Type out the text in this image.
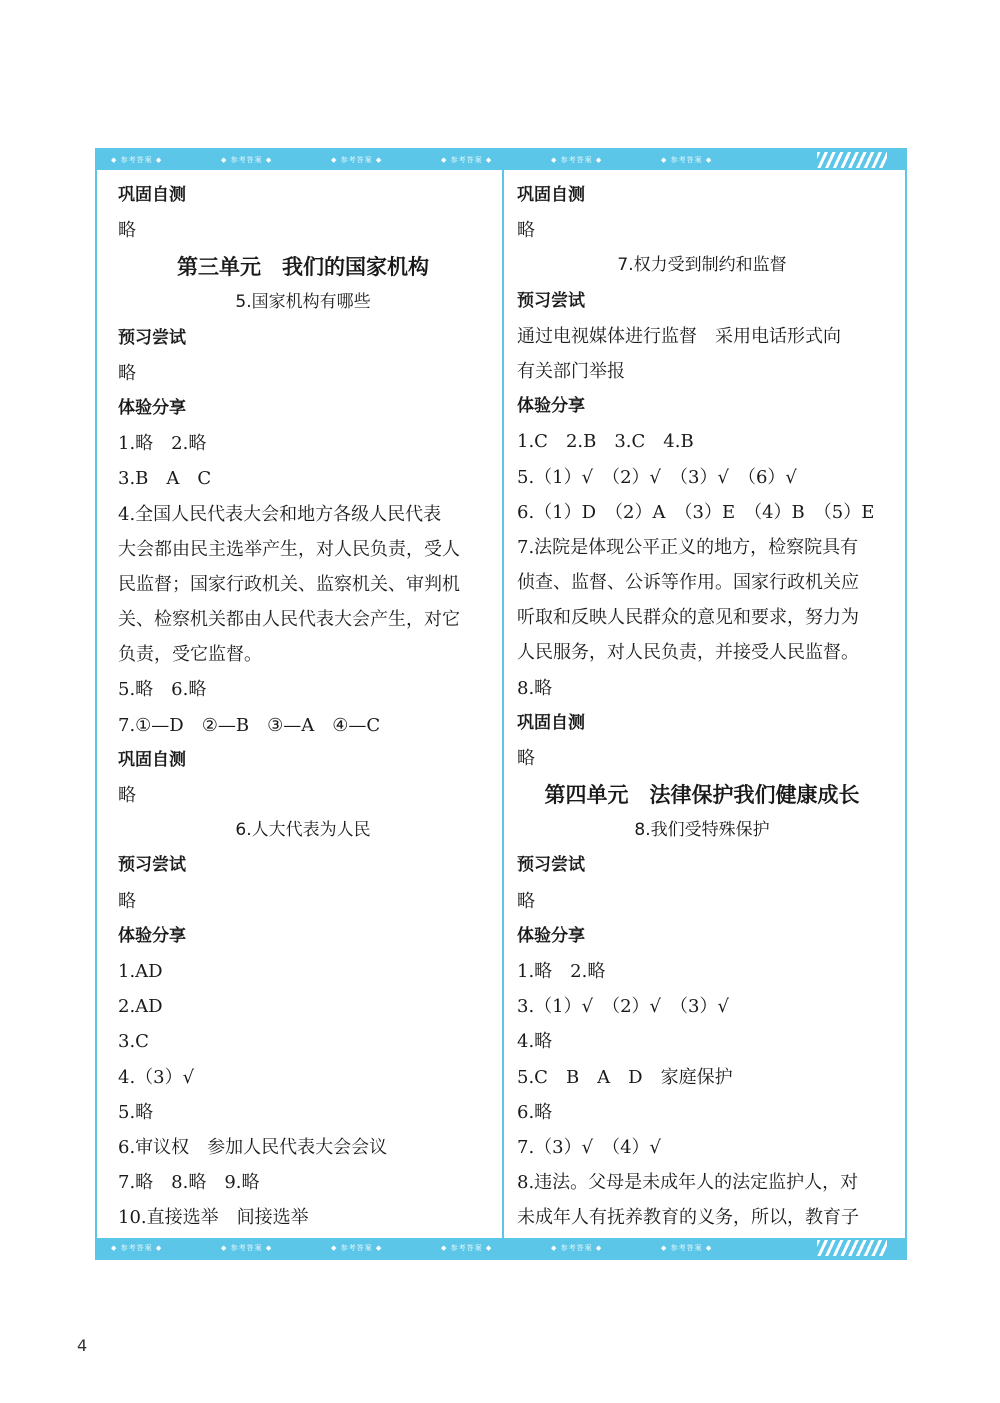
◆ 参考答案 ◆	◆ 参考答案 ◆	◆ 参考答案 ◆	◆ 参考答案 ◆	◆ 参考答案 ◆	◆ 参考答案 ◆
◆ 参考答案 ◆	◆ 参考答案 ◆	◆ 参考答案 ◆	◆ 参考答案 ◆	◆ 参考答案 ◆	◆ 参考答案 ◆
巩固自测
略
第三单元　我们的国家机构
5.国家机构有哪些
预习尝试
略
体验分享
1.略　2.略
3.B　A　C
4.全国人民代表大会和地方各级人民代表
大会都由民主选举产生，对人民负责，受人
民监督；国家行政机关、监察机关、审判机
关、检察机关都由人民代表大会产生，对它
负责，受它监督。
5.略　6.略
7.①—D　②—B　③—A　④—C
巩固自测
略
6.人大代表为人民
预习尝试
略
体验分享
1.AD
2.AD
3.C
4.（3）√
5.略
6.审议权　参加人民代表大会会议
7.略　8.略　9.略
10.直接选举　间接选举
巩固自测
略
7.权力受到制约和监督
预习尝试
通过电视媒体进行监督　采用电话形式向
有关部门举报
体验分享
1.C　2.B　3.C　4.B
5.（1）√　（2）√　（3）√　（6）√
6.（1）D　（2）A　（3）E　（4）B　（5）E
7.法院是体现公平正义的地方，检察院具有
侦查、监督、公诉等作用。国家行政机关应
听取和反映人民群众的意见和要求，努力为
人民服务，对人民负责，并接受人民监督。
8.略
巩固自测
略
第四单元　法律保护我们健康成长
8.我们受特殊保护
预习尝试
略
体验分享
1.略　2.略
3.（1）√　（2）√　（3）√
4.略
5.C　B　A　D　家庭保护
6.略
7.（3）√　（4）√
8.违法。父母是未成年人的法定监护人，对
未成年人有抚养教育的义务，所以，教育子
4
